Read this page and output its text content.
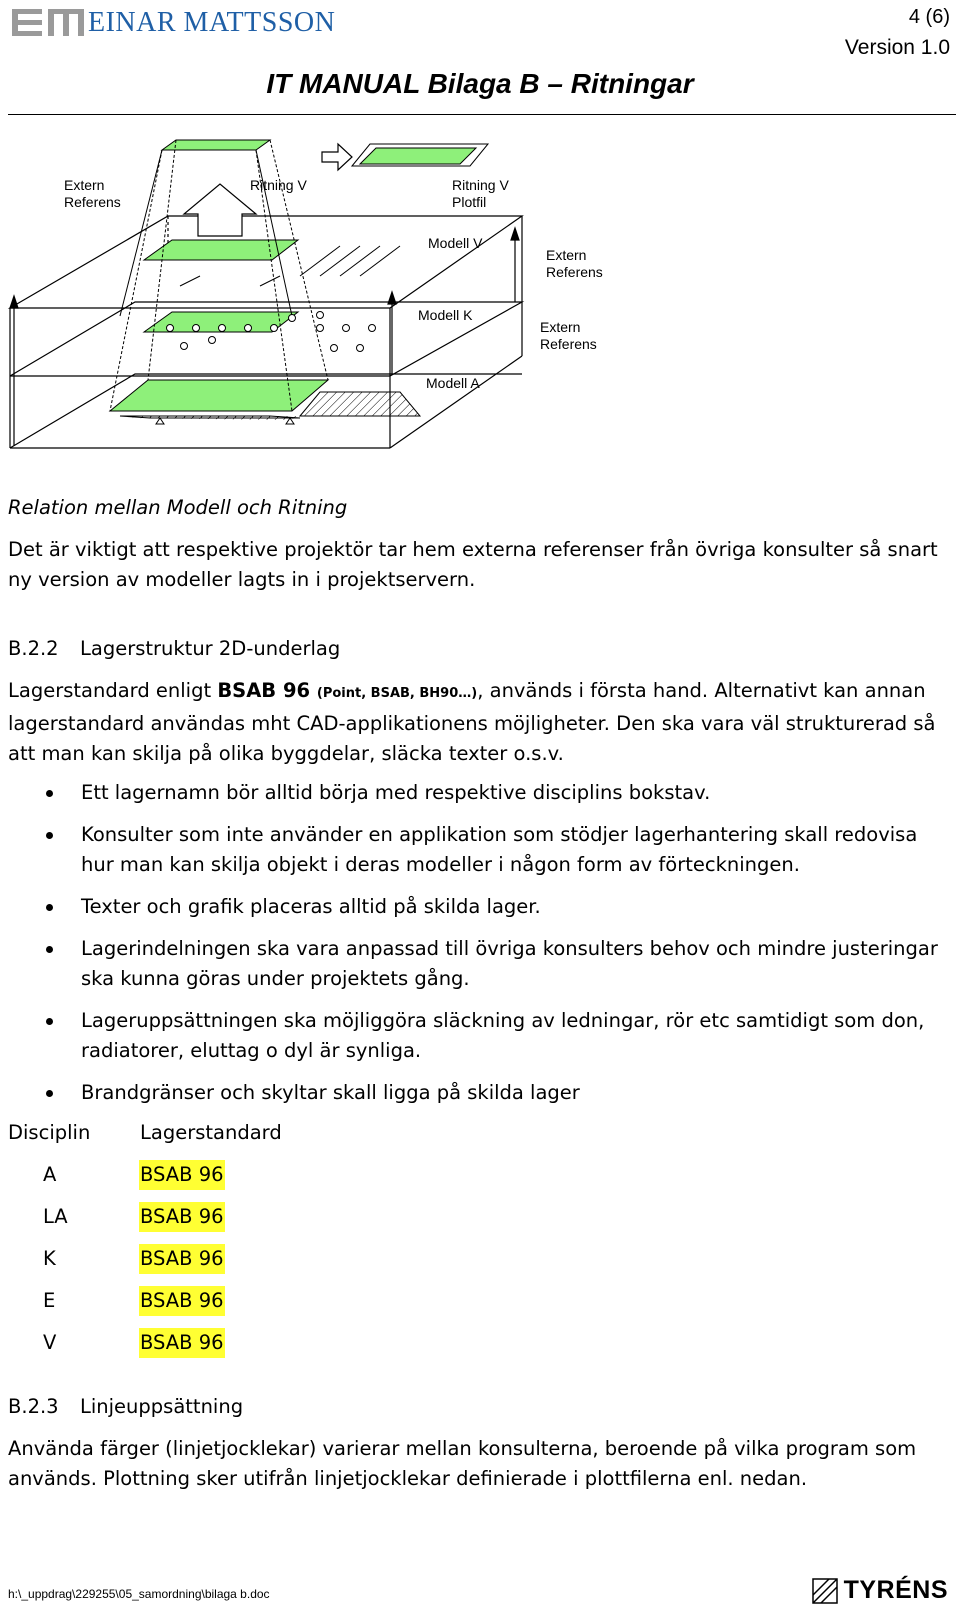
EINAR MATTSSON	4 (6)
Version 1.0
IT MANUAL Bilaga B – Ritningar
Extern Referens
Ritning V	Ritning V Plotfil
Modell V
Extern Referens
Modell K
Extern Referens
Modell A
Relation mellan Modell och Ritning
Det är viktigt att respektive projektör tar hem externa referenser från övriga konsulter så snart ny version av modeller lagts in i projektservern.
B.2.2 Lagerstruktur 2D-underlag
Lagerstandard enligt BSAB 96 (Point, BSAB, BH90…), används i första hand. Alternativt kan annan lagerstandard användas mht CAD-applikationens möjligheter. Den ska vara väl strukturerad så att man kan skilja på olika byggdelar, släcka texter o.s.v.
Ett lagernamn bör alltid börja med respektive disciplins bokstav.
Konsulter som inte använder en applikation som stödjer lagerhantering skall redovisa hur man kan skilja objekt i deras modeller i någon form av förteckningen.
Texter och grafik placeras alltid på skilda lager.
Lagerindelningen ska vara anpassad till övriga konsulters behov och mindre justeringar ska kunna göras under projektets gång.
Lageruppsättningen ska möjliggöra släckning av ledningar, rör etc samtidigt som don, radiatorer, eluttag o dyl är synliga.
Brandgränser och skyltar skall ligga på skilda lager
Disciplin	Lagerstandard
A	BSAB 96
LA	BSAB 96
K	BSAB 96
E	BSAB 96
V	BSAB 96
B.2.3 Linjeuppsättning
Använda färger (linjetjocklekar) varierar mellan konsulterna, beroende på vilka program som används. Plottning sker utifrån linjetjocklekar definierade i plottfilerna enl. nedan.
h:\_uppdrag\229255\05_samordning\bilaga b.doc	TYRÉNS
